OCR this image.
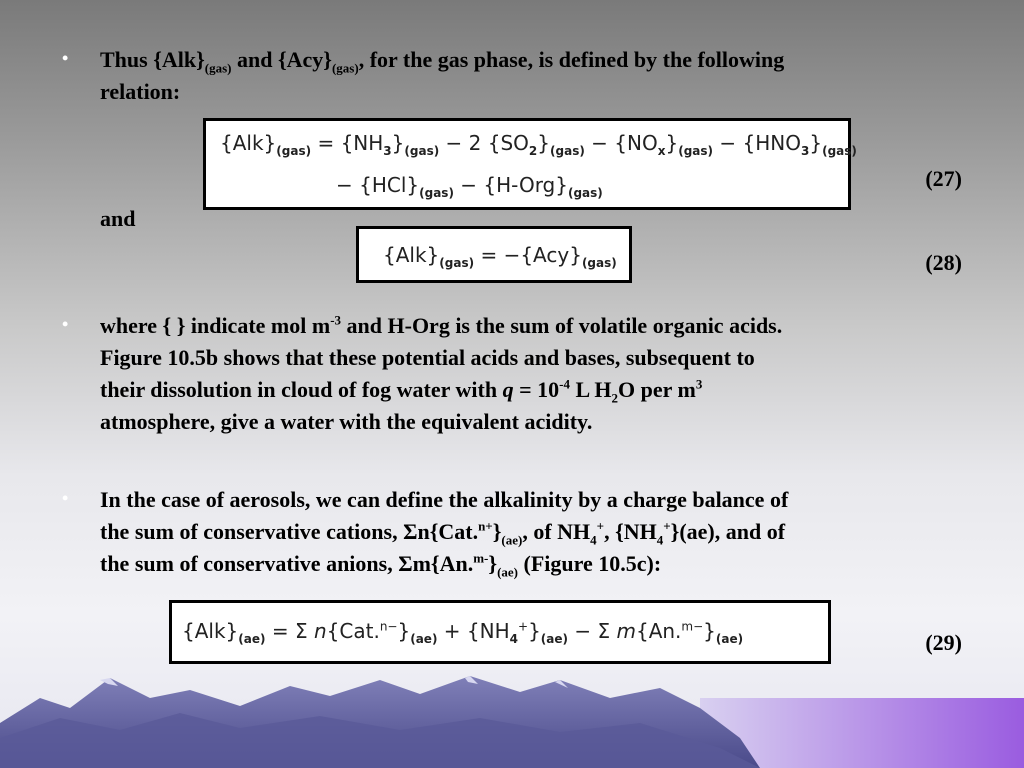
• Thus $\{Alk\}_{(gas)}$ and $\{Acy\}_{(gas)}$, for the gas phase, is defined by the following
relation:
$\{Alk\}_{(gas)} = \{NH_3\}_{(gas)} - 2$ $\{SO_2\}_{(gas)} - \{NO_x\}_{(gas)} - \{HNO_3\}_{(gas)}$
− $\{HCl\}_{(gas)} - \{H-Org\}_{(gas)}$
(27)
and
$\{Alk\}_{(gas)} = -\{Acy\}_{(gas)}$	(28)
• where { } indicate mol $m^{-3}$ and H-Org is the sum of volatile organic acids.
Figure 10.5b shows that these potential acids and bases, subsequent to
their dissolution in cloud of fog water with $q = 10^{-4}$ L $H_2O$ per $m^3$
atmosphere, give a water with the equivalent acidity.
• In the case of aerosols, we can define the alkalinity by a charge balance of
the sum of conservative cations, $\Sigma n\{Cat.^{n+}\}_{(ae)}$, of $NH_4^+$, $\{NH_4^+\}(ae)$, and of
the sum of conservative anions, $\Sigma m\{An.^{m-}\}_{(ae)}$ (Figure 10.5c):
$\{Alk\}_{(ae)} = \Sigma$ $n\{Cat.^{n-}\}_{(ae)} + \{NH_4^+\}_{(ae)} - \Sigma$ $m\{An.^{m-}\}_{(ae)}$	(29)
